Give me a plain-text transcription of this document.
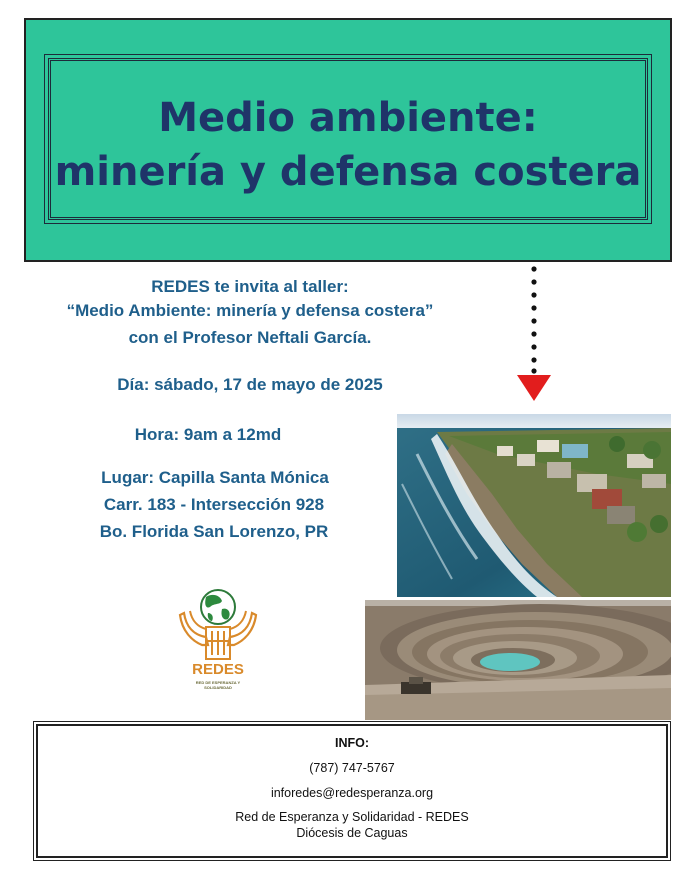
Medio ambiente:
minería y defensa costera
REDES te invita al taller:
“Medio Ambiente: minería y defensa costera”
con el Profesor Neftali García.
Día: sábado, 17 de mayo de 2025
Hora: 9am a 12md
Lugar: Capilla Santa Mónica
Carr. 183 - Intersección 928
Bo. Florida San Lorenzo, PR
REDES
RED DE ESPERANZA Y SOLIDARIDAD
INFO:
(787) 747-5767
inforedes@redesperanza.org
Red de Esperanza y Solidaridad - REDES
Diócesis de Caguas
